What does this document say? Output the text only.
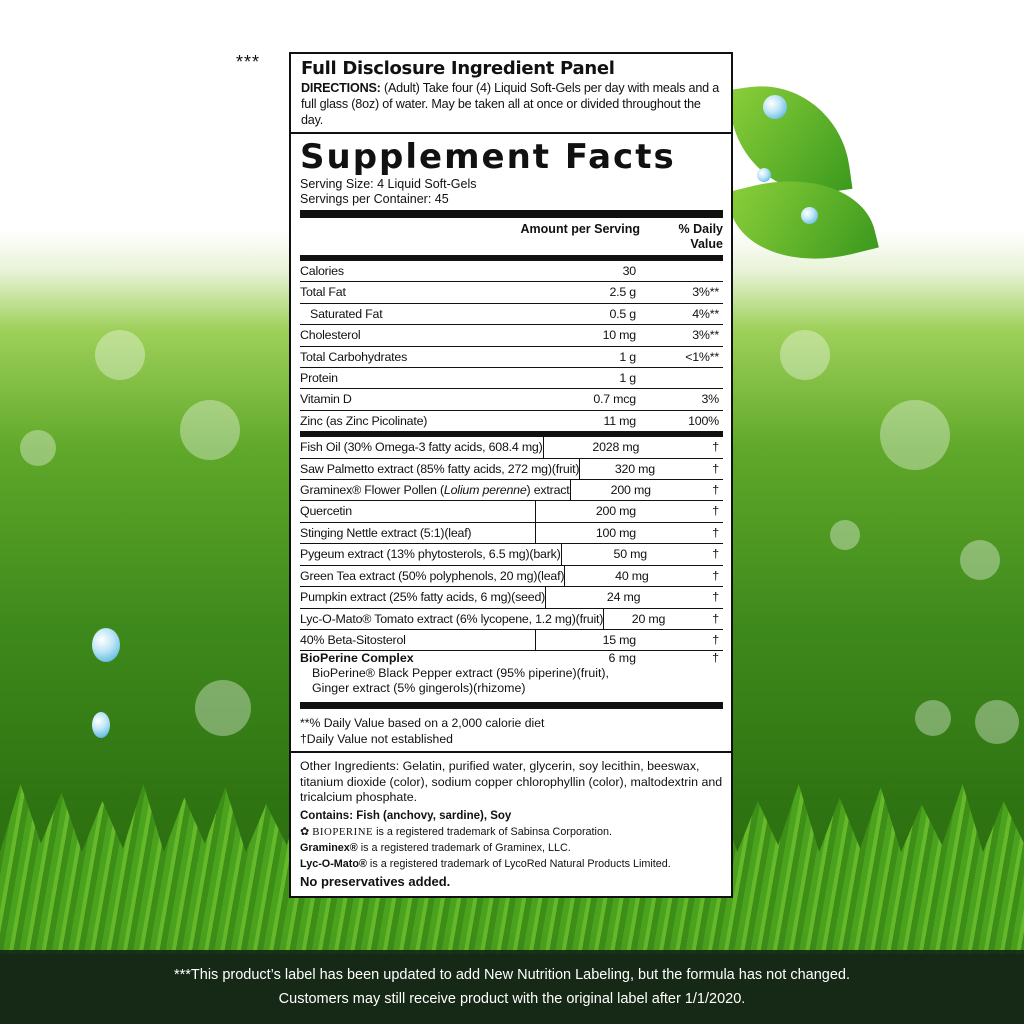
*** Full Disclosure Ingredient Panel
DIRECTIONS: (Adult) Take four (4) Liquid Soft-Gels per day with meals and a full glass (8oz) of water. May be taken all at once or divided throughout the day.
Supplement Facts
Serving Size: 4 Liquid Soft-Gels
Servings per Container: 45
Amount per Serving	% Daily Value
Calories	30
Total Fat	2.5 g	3%**
Saturated Fat	0.5 g	4%**
Cholesterol	10 mg	3%**
Total Carbohydrates	1 g	<1%**
Protein	1 g
Vitamin D	0.7 mcg	3%
Zinc (as Zinc Picolinate)	11 mg	100%
Fish Oil (30% Omega-3 fatty acids, 608.4 mg)	2028 mg	†
Saw Palmetto extract (85% fatty acids, 272 mg)(fruit)	320 mg	†
Graminex® Flower Pollen (Lolium perenne) extract	200 mg	†
Quercetin	200 mg	†
Stinging Nettle extract (5:1)(leaf)	100 mg	†
Pygeum extract (13% phytosterols, 6.5 mg)(bark)	50 mg	†
Green Tea extract (50% polyphenols, 20 mg)(leaf)	40 mg	†
Pumpkin extract (25% fatty acids, 6 mg)(seed)	24 mg	†
Lyc-O-Mato® Tomato extract (6% lycopene, 1.2 mg)(fruit)	20 mg	†
40% Beta-Sitosterol	15 mg	†
BioPerine Complex	6 mg	†
BioPerine® Black Pepper extract (95% piperine)(fruit),
Ginger extract (5% gingerols)(rhizome)
**% Daily Value based on a 2,000 calorie diet
†Daily Value not established
Other Ingredients: Gelatin, purified water, glycerin, soy lecithin, beeswax, titanium dioxide (color), sodium copper chlorophyllin (color), maltodextrin and tricalcium phosphate.
Contains: Fish (anchovy, sardine), Soy
✿ BIOPERINE is a registered trademark of Sabinsa Corporation.
Graminex® is a registered trademark of Graminex, LLC.
Lyc-O-Mato® is a registered trademark of LycoRed Natural Products Limited.
No preservatives added.
***This product’s label has been updated to add New Nutrition Labeling, but the formula has not changed.
Customers may still receive product with the original label after 1/1/2020.
